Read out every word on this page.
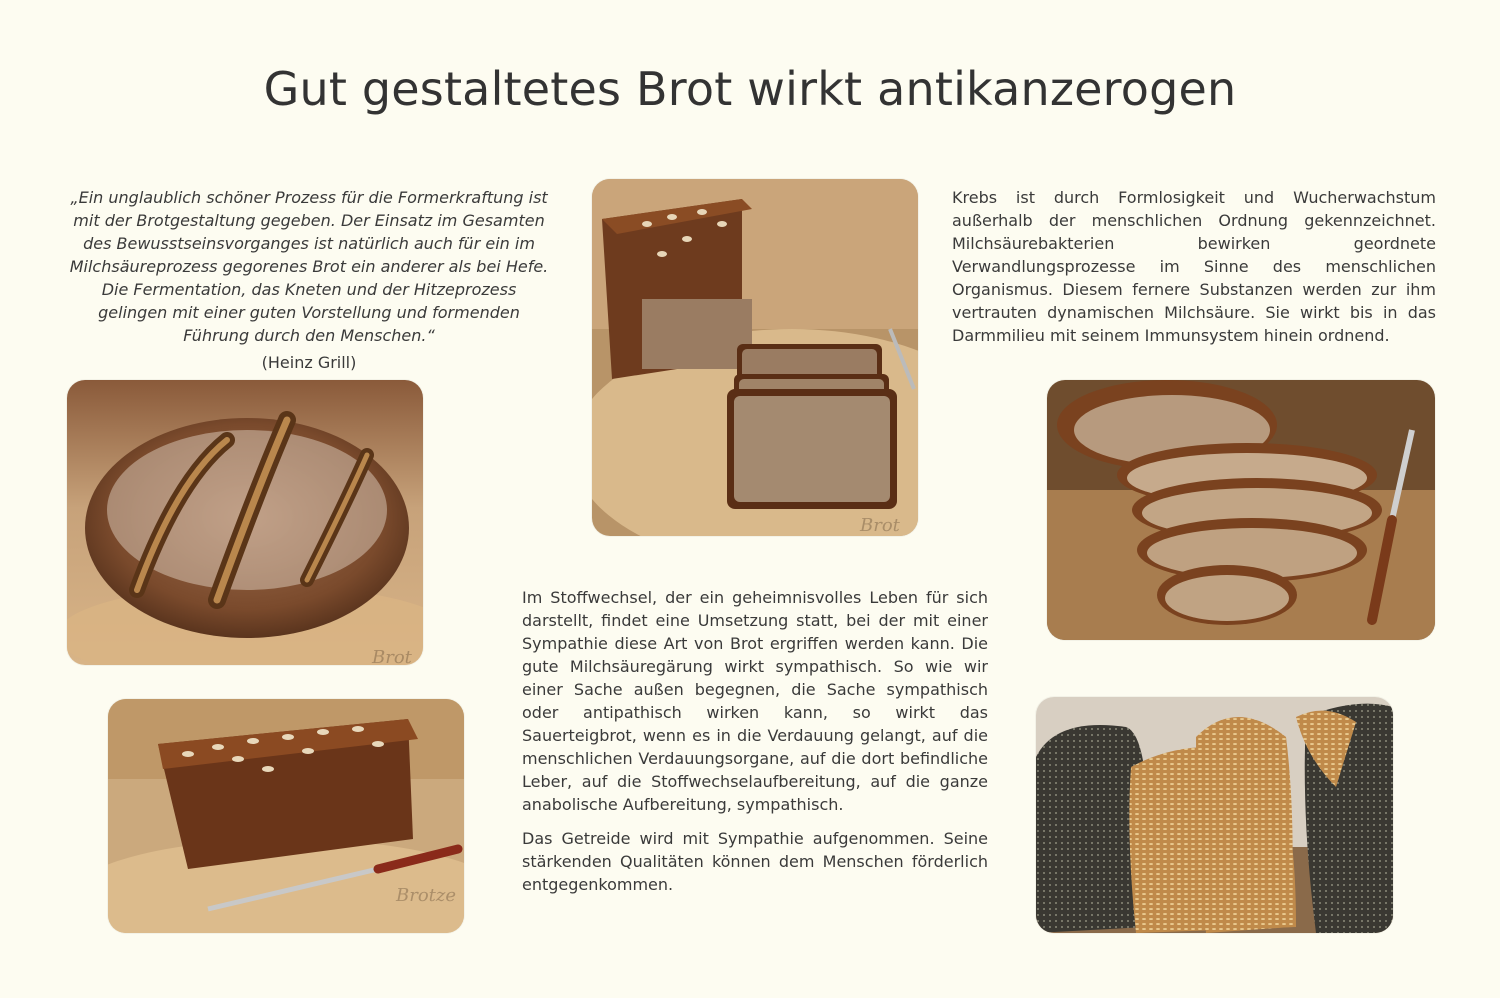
Gut gestaltetes Brot wirkt antikanzerogen
„Ein unglaublich schöner Prozess für die Formerkraftung ist mit der Brotgestaltung gegeben. Der Einsatz im Gesamten des Bewusstseinsvorganges ist natürlich auch für ein im Milchsäureprozess gegorenes Brot ein anderer als bei Hefe. Die Fermentation, das Kneten und der Hitzeprozess gelingen mit einer guten Vorstellung und formenden Führung durch den Menschen.“
(Heinz Grill)
Krebs ist durch Formlosigkeit und Wucherwachstum außerhalb der menschlichen Ordnung gekennzeichnet. Milchsäurebakterien bewirken geordnete Verwandlungsprozesse im Sinne des menschlichen Organismus. Diesem fernere Substanzen werden zur ihm vertrauten dynamischen Milchsäure. Sie wirkt bis in das Darmmilieu mit seinem Immunsystem hinein ordnend.

Im Stoffwechsel, der ein geheimnisvolles Leben für sich darstellt, findet eine Umsetzung statt, bei der mit einer Sympathie diese Art von Brot ergriffen werden kann. Die gute Milchsäuregärung wirkt sympathisch. So wie wir einer Sache außen begegnen, die Sache sympathisch oder antipathisch wirken kann, so wirkt das Sauerteigbrot, wenn es in die Verdauung gelangt, auf die menschlichen Verdauungsorgane, auf die dort befindliche Leber, auf die Stoffwechselaufbereitung, auf die ganze anabolische Aufbereitung, sympathisch.

Das Getreide wird mit Sympathie aufgenommen. Seine stärkenden Qualitäten können dem Menschen förderlich entgegenkommen.

Brot
Brot
Brotze
